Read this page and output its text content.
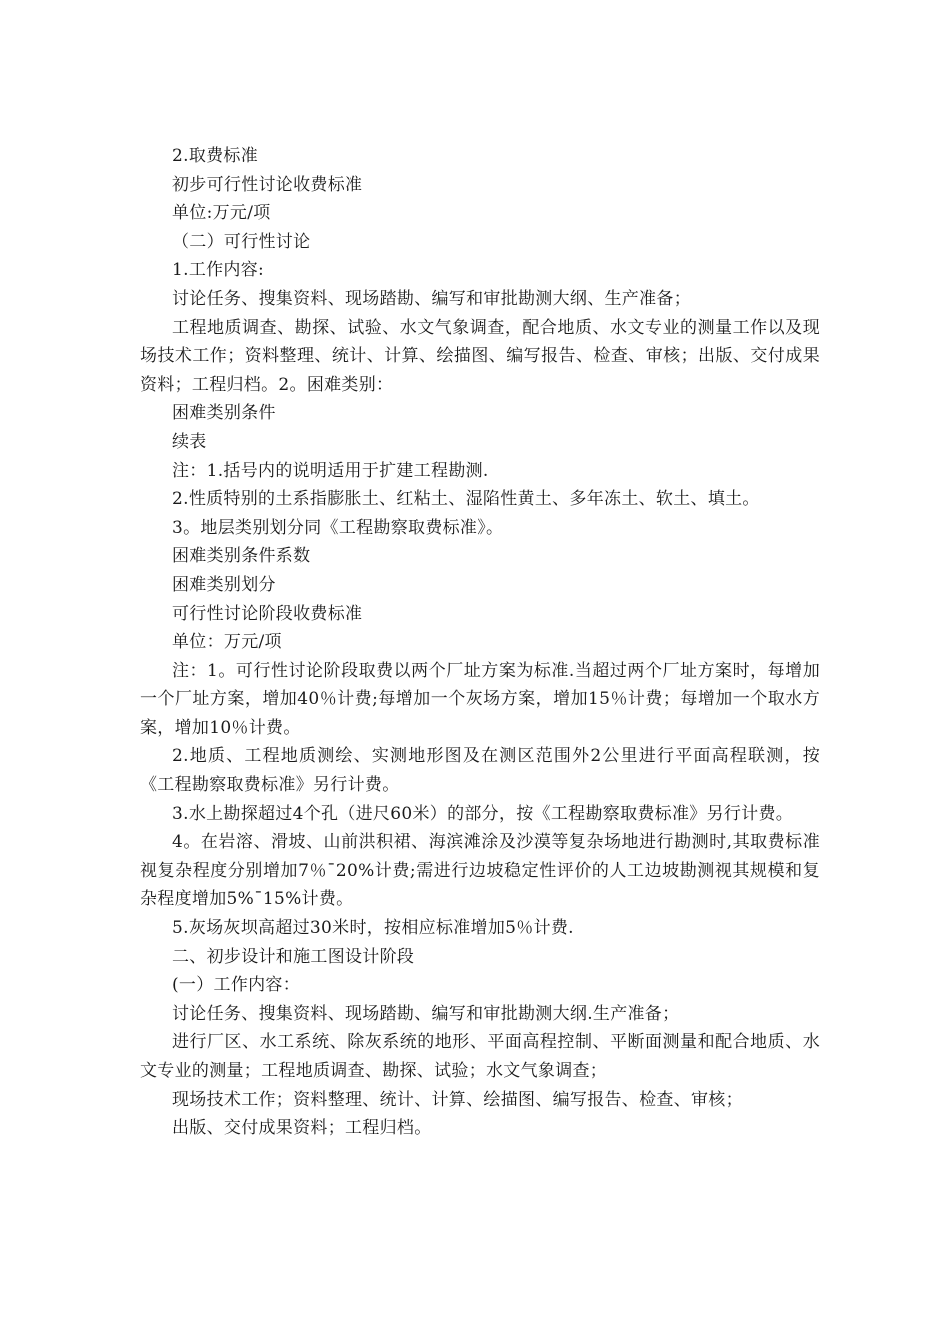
2.取费标准

初步可行性讨论收费标准

单位:万元/项

（二）可行性讨论

1.工作内容:

讨论任务、搜集资料、现场踏勘、编写和审批勘测大纲、生产准备；

工程地质调查、勘探、试验、水文气象调查，配合地质、水文专业的测量工作以及现场技术工作；资料整理、统计、计算、绘描图、编写报告、检查、审核；出版、交付成果资料；工程归档。2。困难类别：

困难类别条件

续表

注：1.括号内的说明适用于扩建工程勘测.

2.性质特别的土系指膨胀土、红粘土、湿陷性黄土、多年冻土、软土、填土。

3。地层类别划分同《工程勘察取费标准》。

困难类别条件系数

困难类别划分

可行性讨论阶段收费标准

单位：万元/项

注：1。可行性讨论阶段取费以两个厂址方案为标准.当超过两个厂址方案时，每增加一个厂址方案，增加40％计费;每增加一个灰场方案，增加15％计费；每增加一个取水方案，增加10％计费。

2.地质、工程地质测绘、实测地形图及在测区范围外2公里进行平面高程联测，按《工程勘察取费标准》另行计费。

3.水上勘探超过4个孔（进尺60米）的部分，按《工程勘察取费标准》另行计费。

4。在岩溶、滑坡、山前洪积裙、海滨滩涂及沙漠等复杂场地进行勘测时,其取费标准视复杂程度分别增加7％¯20%计费;需进行边坡稳定性评价的人工边坡勘测视其规模和复杂程度增加5%¯15%计费。

5.灰场灰坝高超过30米时，按相应标准增加5％计费.

二、初步设计和施工图设计阶段

(一）工作内容：

讨论任务、搜集资料、现场踏勘、编写和审批勘测大纲.生产准备；

进行厂区、水工系统、除灰系统的地形、平面高程控制、平断面测量和配合地质、水文专业的测量；工程地质调查、勘探、试验；水文气象调查；

现场技术工作；资料整理、统计、计算、绘描图、编写报告、检查、审核；

出版、交付成果资料；工程归档。
